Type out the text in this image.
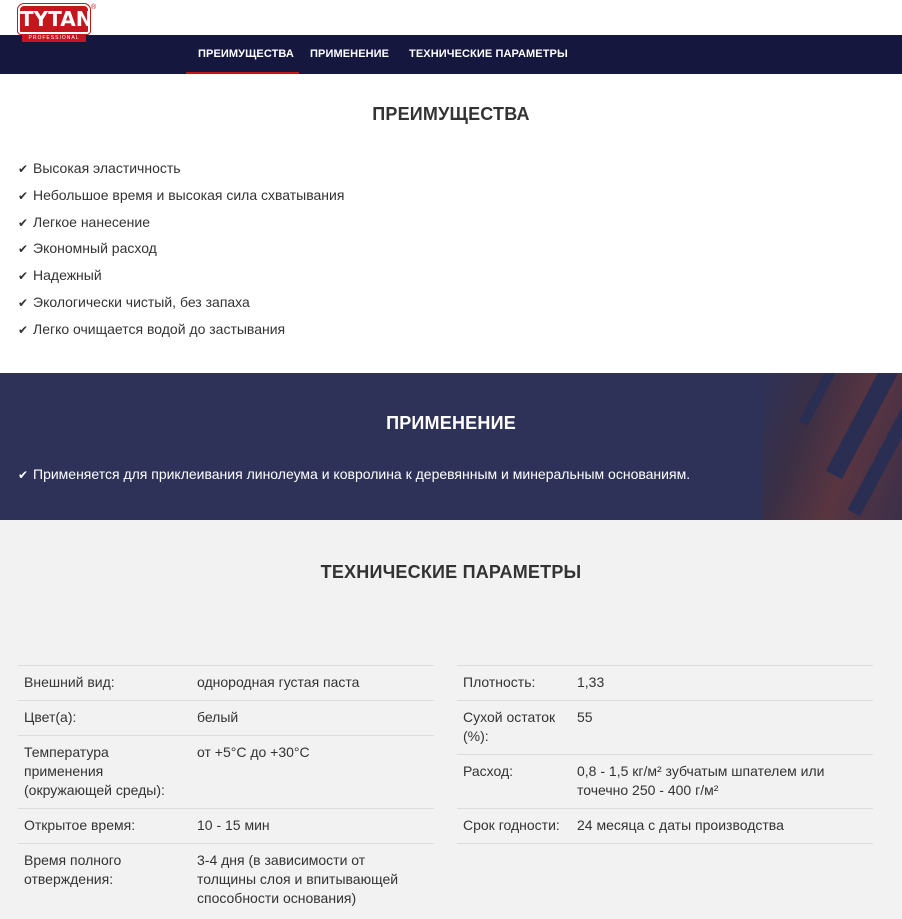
TYTAN
PROFESSIONAL
®
ПРЕИМУЩЕСТВА	ПРИМЕНЕНИЕ ТЕХНИЧЕСКИЕ ПАРАМЕТРЫ
ПРЕИМУЩЕСТВА
✔ Высокая эластичность
✔ Небольшое время и высокая сила схватывания
✔ Легкое нанесение
✔ Экономный расход
✔ Надежный
✔ Экологически чистый, без запаха
✔ Легко очищается водой до застывания
ПРИМЕНЕНИЕ
✔ Применяется для приклеивания линолеума и ковролина к деревянным и минеральным основаниям.
ТЕХНИЧЕСКИЕ ПАРАМЕТРЫ
Внешний вид:	однородная густая паста
Цвет(а):	белый
Температура применения (окружающей среды):	от +5°C до +30°C
Открытое время:	10 - 15 мин
Время полного отверждения:	3-4 дня (в зависимости от толщины слоя и впитывающей способности основания)
Плотность:	1,33
Сухой остаток (%):	55
Расход:	0,8 - 1,5 кг/м² зубчатым шпателем или точечно 250 - 400 г/м²
Срок годности:	24 месяца с даты производства
